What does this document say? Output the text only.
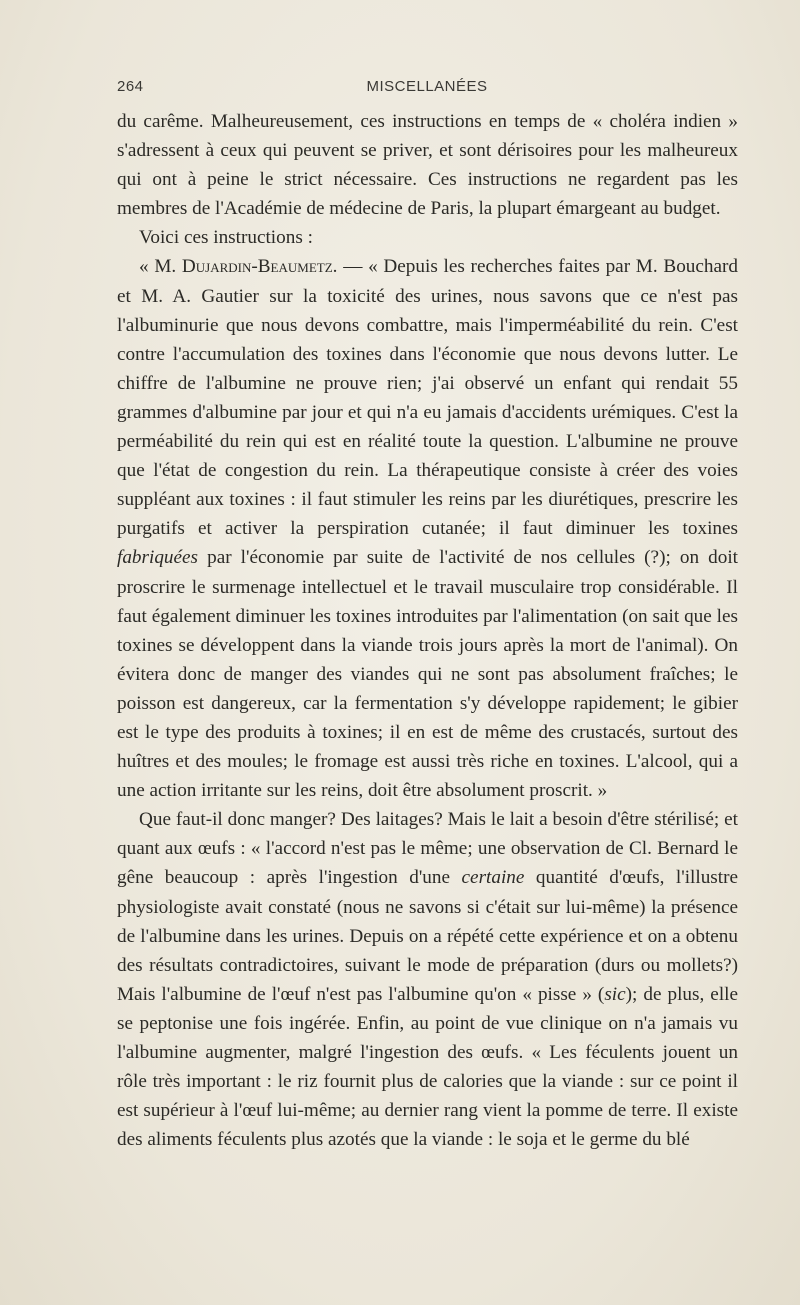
264	MISCELLANÉES

du carême. Malheureusement, ces instructions en temps de « choléra indien » s'adressent à ceux qui peuvent se priver, et sont dérisoires pour les malheureux qui ont à peine le strict nécessaire. Ces instructions ne regardent pas les membres de l'Académie de médecine de Paris, la plupart émargeant au budget.

Voici ces instructions :

« M. Dujardin-Beaumetz. — « Depuis les recherches faites par M. Bouchard et M. A. Gautier sur la toxicité des urines, nous savons que ce n'est pas l'albuminurie que nous devons combattre, mais l'imperméabilité du rein. C'est contre l'accumulation des toxines dans l'économie que nous devons lutter. Le chiffre de l'albumine ne prouve rien; j'ai observé un enfant qui rendait 55 grammes d'albumine par jour et qui n'a eu jamais d'accidents urémiques. C'est la perméabilité du rein qui est en réalité toute la question. L'albumine ne prouve que l'état de congestion du rein. La thérapeutique consiste à créer des voies suppléant aux toxines : il faut stimuler les reins par les diurétiques, prescrire les purgatifs et activer la perspiration cutanée; il faut diminuer les toxines fabriquées par l'économie par suite de l'activité de nos cellules (?); on doit proscrire le surmenage intellectuel et le travail musculaire trop considérable. Il faut également diminuer les toxines introduites par l'alimentation (on sait que les toxines se développent dans la viande trois jours après la mort de l'animal). On évitera donc de manger des viandes qui ne sont pas absolument fraîches; le poisson est dangereux, car la fermentation s'y développe rapidement; le gibier est le type des produits à toxines; il en est de même des crustacés, surtout des huîtres et des moules; le fromage est aussi très riche en toxines. L'alcool, qui a une action irritante sur les reins, doit être absolument proscrit. »

Que faut-il donc manger? Des laitages? Mais le lait a besoin d'être stérilisé; et quant aux œufs : « l'accord n'est pas le même; une observation de Cl. Bernard le gêne beaucoup : après l'ingestion d'une certaine quantité d'œufs, l'illustre physiologiste avait constaté (nous ne savons si c'était sur lui-même) la présence de l'albumine dans les urines. Depuis on a répété cette expérience et on a obtenu des résultats contradictoires, suivant le mode de préparation (durs ou mollets?) Mais l'albumine de l'œuf n'est pas l'albumine qu'on « pisse » (sic); de plus, elle se peptonise une fois ingérée. Enfin, au point de vue clinique on n'a jamais vu l'albumine augmenter, malgré l'ingestion des œufs. « Les féculents jouent un rôle très important : le riz fournit plus de calories que la viande : sur ce point il est supérieur à l'œuf lui-même; au dernier rang vient la pomme de terre. Il existe des aliments féculents plus azotés que la viande : le soja et le germe du blé
